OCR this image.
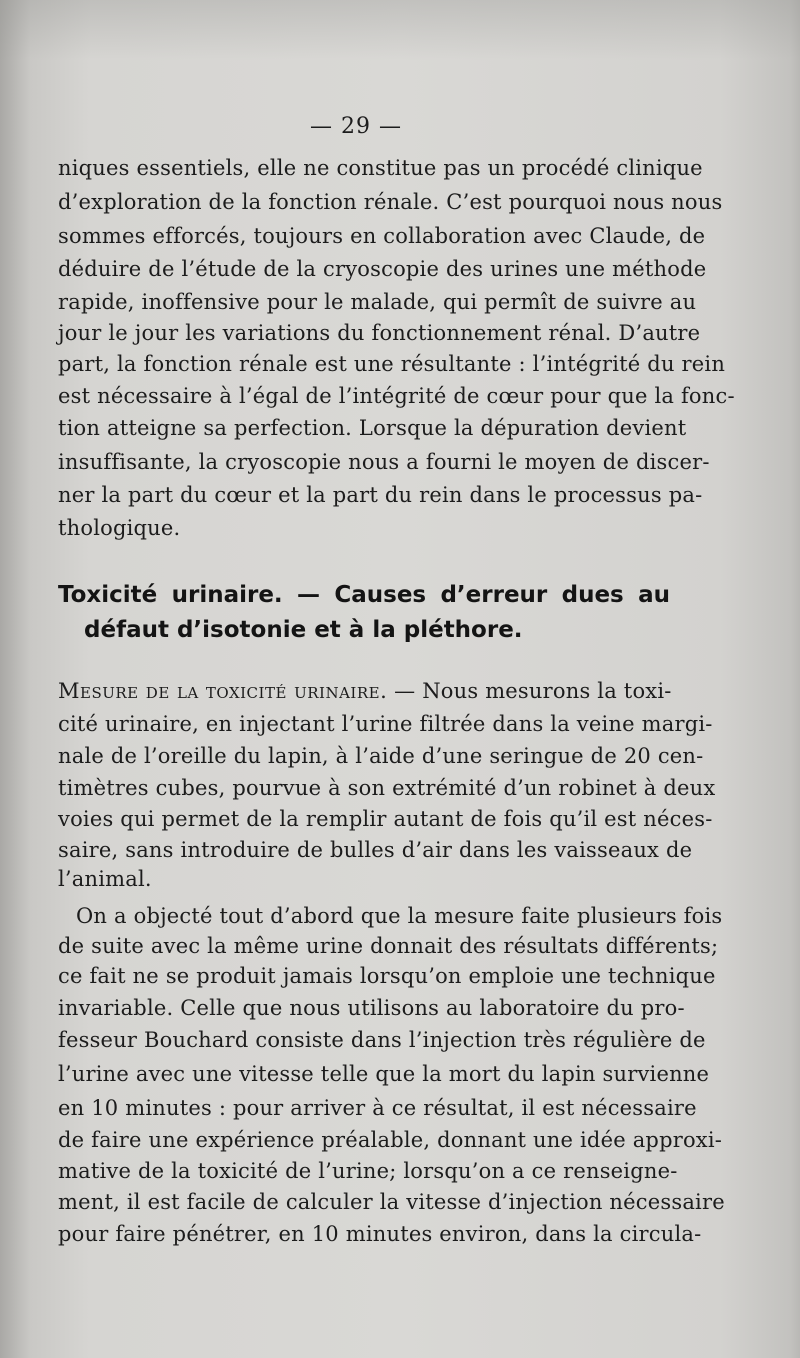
— 29 —
niques essentiels, elle ne constitue pas un procédé clinique
d’exploration de la fonction rénale. C’est pourquoi nous nous
sommes efforcés, toujours en collaboration avec Claude, de
déduire de l’étude de la cryoscopie des urines une méthode
rapide, inoffensive pour le malade, qui permît de suivre au
jour le jour les variations du fonctionnement rénal. D’autre
part, la fonction rénale est une résultante : l’intégrité du rein
est nécessaire à l’égal de l’intégrité de cœur pour que la fonc-
tion atteigne sa perfection. Lorsque la dépuration devient
insuffisante, la cryoscopie nous a fourni le moyen de discer-
ner la part du cœur et la part du rein dans le processus pa-
thologique.
Toxicité urinaire. — Causes d’erreur dues au
défaut d’isotonie et à la pléthore.
Mesure de la toxicité urinaire. — Nous mesurons la toxi-
cité urinaire, en injectant l’urine filtrée dans la veine margi-
nale de l’oreille du lapin, à l’aide d’une seringue de 20 cen-
timètres cubes, pourvue à son extrémité d’un robinet à deux
voies qui permet de la remplir autant de fois qu’il est néces-
saire, sans introduire de bulles d’air dans les vaisseaux de
l’animal.
On a objecté tout d’abord que la mesure faite plusieurs fois
de suite avec la même urine donnait des résultats différents;
ce fait ne se produit jamais lorsqu’on emploie une technique
invariable. Celle que nous utilisons au laboratoire du pro-
fesseur Bouchard consiste dans l’injection très régulière de
l’urine avec une vitesse telle que la mort du lapin survienne
en 10 minutes : pour arriver à ce résultat, il est nécessaire
de faire une expérience préalable, donnant une idée approxi-
mative de la toxicité de l’urine; lorsqu’on a ce renseigne-
ment, il est facile de calculer la vitesse d’injection nécessaire
pour faire pénétrer, en 10 minutes environ, dans la circula-
